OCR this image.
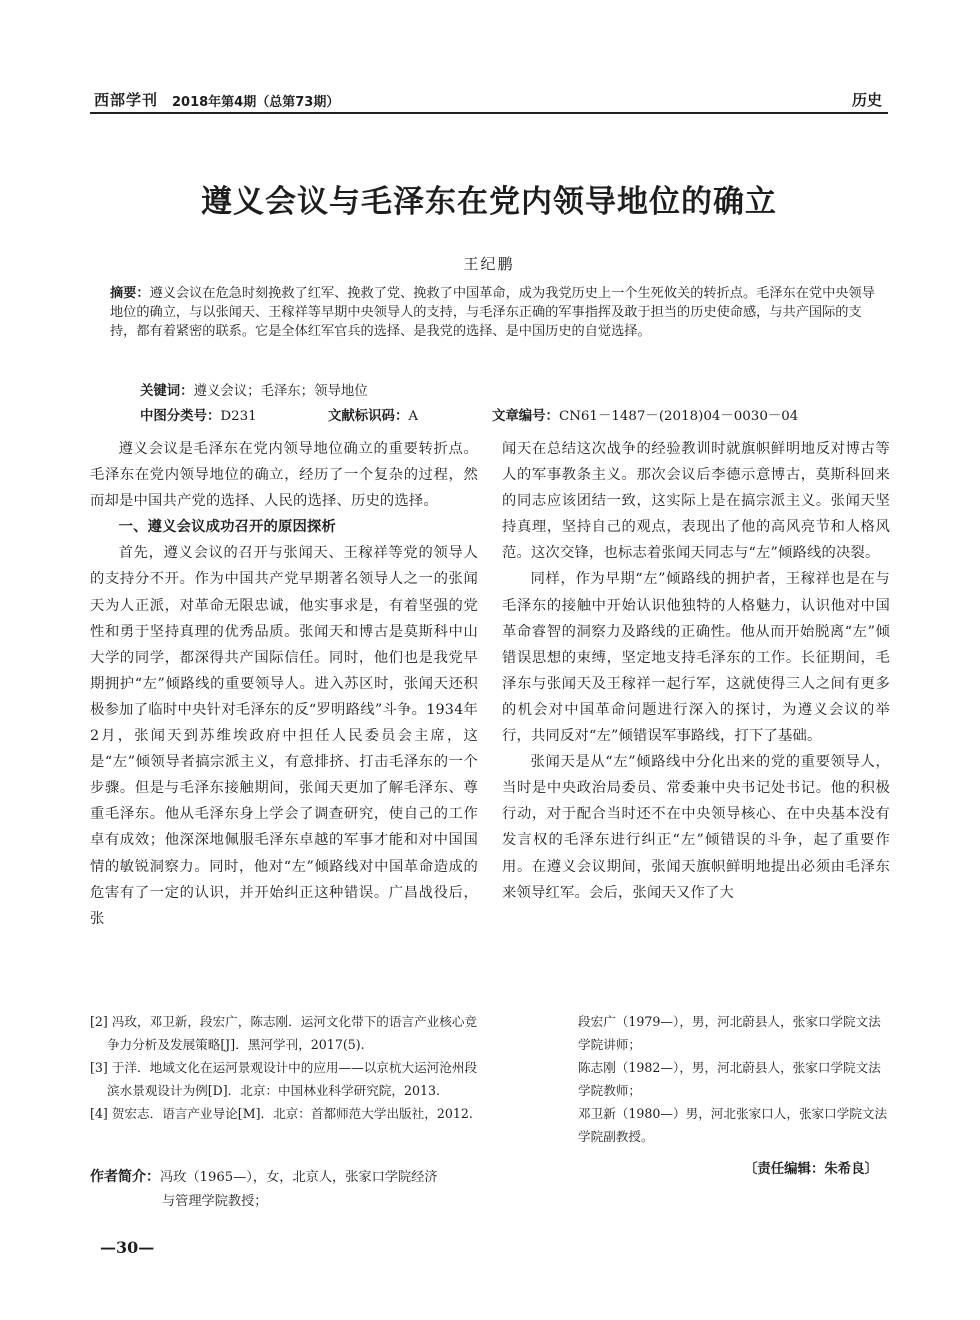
西部学刊 2018年第4期（总第73期）	历史
遵义会议与毛泽东在党内领导地位的确立
王纪鹏
摘要：遵义会议在危急时刻挽救了红军、挽救了党、挽救了中国革命，成为我党历史上一个生死攸关的转折点。毛泽东在党中央领导地位的确立，与以张闻天、王稼祥等早期中央领导人的支持，与毛泽东正确的军事指挥及敢于担当的历史使命感，与共产国际的支持，都有着紧密的联系。它是全体红军官兵的选择、是我党的选择、是中国历史的自觉选择。
关键词：遵义会议；毛泽东；领导地位
中图分类号：D231	文献标识码：A	文章编号：CN61－1487－(2018)04－0030－04

遵义会议是毛泽东在党内领导地位确立的重要转折点。毛泽东在党内领导地位的确立，经历了一个复杂的过程，然而却是中国共产党的选择、人民的选择、历史的选择。

一、遵义会议成功召开的原因探析

首先，遵义会议的召开与张闻天、王稼祥等党的领导人的支持分不开。作为中国共产党早期著名领导人之一的张闻天为人正派，对革命无限忠诚，他实事求是，有着坚强的党性和勇于坚持真理的优秀品质。张闻天和博古是莫斯科中山大学的同学，都深得共产国际信任。同时，他们也是我党早期拥护“左”倾路线的重要领导人。进入苏区时，张闻天还积极参加了临时中央针对毛泽东的反“罗明路线”斗争。1934年2月，张闻天到苏维埃政府中担任人民委员会主席，这是“左”倾领导者搞宗派主义，有意排挤、打击毛泽东的一个步骤。但是与毛泽东接触期间，张闻天更加了解毛泽东、尊重毛泽东。他从毛泽东身上学会了调查研究，使自己的工作卓有成效；他深深地佩服毛泽东卓越的军事才能和对中国国情的敏锐洞察力。同时，他对“左”倾路线对中国革命造成的危害有了一定的认识，并开始纠正这种错误。广昌战役后，张

闻天在总结这次战争的经验教训时就旗帜鲜明地反对博古等人的军事教条主义。那次会议后李德示意博古，莫斯科回来的同志应该团结一致，这实际上是在搞宗派主义。张闻天坚持真理，坚持自己的观点，表现出了他的高风亮节和人格风范。这次交锋，也标志着张闻天同志与“左”倾路线的决裂。

同样，作为早期“左”倾路线的拥护者，王稼祥也是在与毛泽东的接触中开始认识他独特的人格魅力，认识他对中国革命睿智的洞察力及路线的正确性。他从而开始脱离“左”倾错误思想的束缚，坚定地支持毛泽东的工作。长征期间，毛泽东与张闻天及王稼祥一起行军，这就使得三人之间有更多的机会对中国革命问题进行深入的探讨，为遵义会议的举行，共同反对“左”倾错误军事路线，打下了基础。

张闻天是从“左”倾路线中分化出来的党的重要领导人，当时是中央政治局委员、常委兼中央书记处书记。他的积极行动，对于配合当时还不在中央领导核心、在中央基本没有发言权的毛泽东进行纠正“左”倾错误的斗争，起了重要作用。在遵义会议期间，张闻天旗帜鲜明地提出必须由毛泽东来领导红军。会后，张闻天又作了大

[2] 冯玫，邓卫新，段宏广，陈志刚．运河文化带下的语言产业核心竞争力分析及发展策略[J]．黑河学刊，2017(5).

[3] 于洋．地域文化在运河景观设计中的应用——以京杭大运河沧州段滨水景观设计为例[D]．北京：中国林业科学研究院，2013.

[4] 贺宏志．语言产业导论[M]．北京：首都师范大学出版社，2012.

作者简介：冯玫（1965—），女，北京人，张家口学院经济
与管理学院教授；

段宏广（1979—），男，河北蔚县人，张家口学院文法学院讲师；

陈志刚（1982—），男，河北蔚县人，张家口学院文法学院教师；

邓卫新（1980—）男，河北张家口人，张家口学院文法学院副教授。

〔责任编辑：朱希良〕
—30—
